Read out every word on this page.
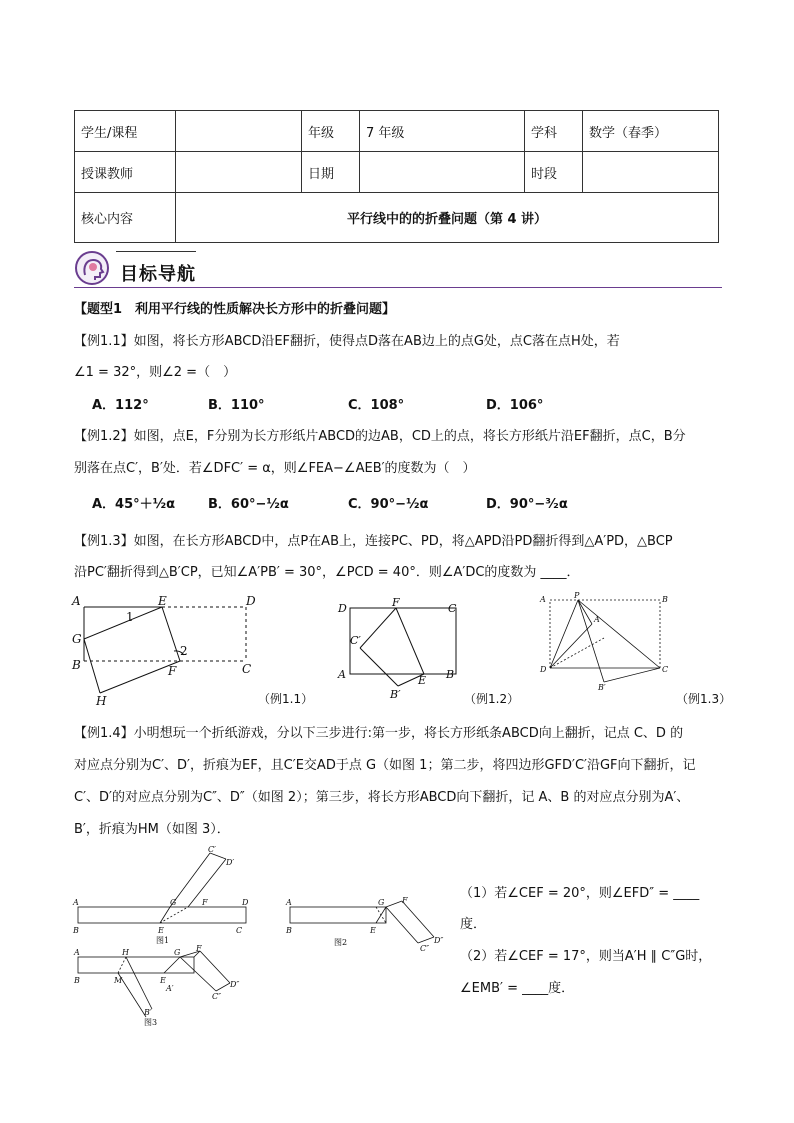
学生/课程		年级	7 年级	学科	数学（春季）
授课教师		日期		时段	
核心内容	平行线中的的折叠问题（第 4 讲）				
目标导航
【题型1　利用平行线的性质解决长方形中的折叠问题】
【例1.1】如图，将长方形ABCD沿EF翻折，使得点D落在AB边上的点G处，点C落在点H处，若
∠1 = 32°，则∠2 =（　）
A．112°	B．110°	C．108°	D．106°
【例1.2】如图，点E，F分别为长方形纸片ABCD的边AB，CD上的点，将长方形纸片沿EF翻折，点C，B分
别落在点C′，B′处．若∠DFC′ = α，则∠FEA−∠AEB′的度数为（　）
A．45°＋½α	B．60°−½α	C．90°−½α	D．90°−³⁄₂α
【例1.3】如图，在长方形ABCD中，点P在AB上，连接PC、PD，将△APD沿PD翻折得到△A′PD，△BCP
沿PC′翻折得到△B′CP，已知∠A′PB′ = 30°，∠PCD = 40°．则∠A′DC的度数为 ____．
A	E	D
G
B	F	C
H
1
2
（例1.1）
D	F	C
C′
A	E B
B′	（例1.2）
A	P	B
A
D
B′
C
（例1.3）
【例1.4】小明想玩一个折纸游戏，分以下三步进行:第一步，将长方形纸条ABCD向上翻折，记点 C、D 的
对应点分别为C′、D′，折痕为EF，且C′E交AD于点 G（如图 1；第二步，将四边形GFD′C′沿GF向下翻折，记
C′、D′的对应点分别为C″、D″（如图 2）；第三步，将长方形ABCD向下翻折，记 A、B 的对应点分别为A′、
B′，折痕为HM（如图 3）．
C′
D′
A	G	F	D
B	E	C
图1
A	G F
B	E
C″
D″
图2
A	H	G F
B	M	E
A′	D″
C″
B′
图3
（1）若∠CEF = 20°，则∠EFD″ = ____
度．
（2）若∠CEF = 17°，则当A′H ∥ C″G时，
∠EMB′ = ____度．
